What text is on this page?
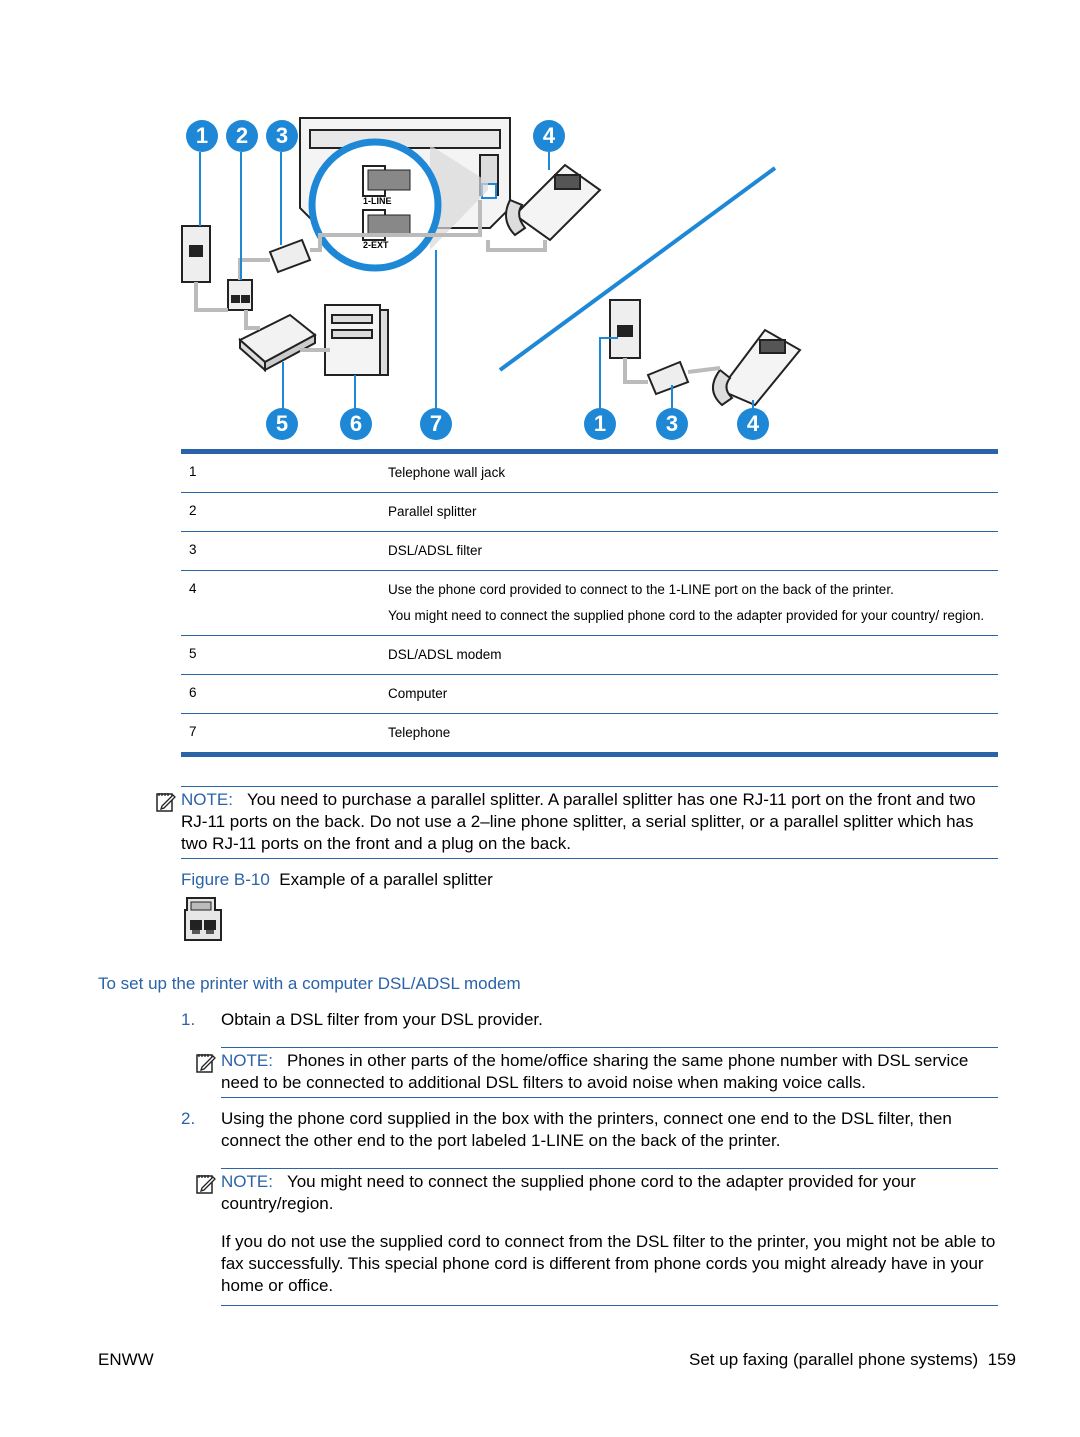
1-LINE
2-EXT
1	2	3	4
5	6	7	1	3	4
1	Telephone wall jack

2	Parallel splitter

3	DSL/ADSL filter

4	Use the phone cord provided to connect to the 1-LINE port on the back of the printer.

You might need to connect the supplied phone cord to the adapter provided for your country/ region.

5	DSL/ADSL modem

6	Computer

7	Telephone

NOTE: You need to purchase a parallel splitter. A parallel splitter has one RJ-11 port on the front and two RJ-11 ports on the back. Do not use a 2–line phone splitter, a serial splitter, or a parallel splitter which has two RJ-11 ports on the front and a plug on the back.
Figure B-10 Example of a parallel splitter
To set up the printer with a computer DSL/ADSL modem
1. Obtain a DSL filter from your DSL provider.
NOTE: Phones in other parts of the home/office sharing the same phone number with DSL service need to be connected to additional DSL filters to avoid noise when making voice calls.
2. Using the phone cord supplied in the box with the printers, connect one end to the DSL filter, then connect the other end to the port labeled 1-LINE on the back of the printer.
NOTE: You might need to connect the supplied phone cord to the adapter provided for your country/region.
If you do not use the supplied cord to connect from the DSL filter to the printer, you might not be able to fax successfully. This special phone cord is different from phone cords you might already have in your home or office.
ENWW	Set up faxing (parallel phone systems) 159
